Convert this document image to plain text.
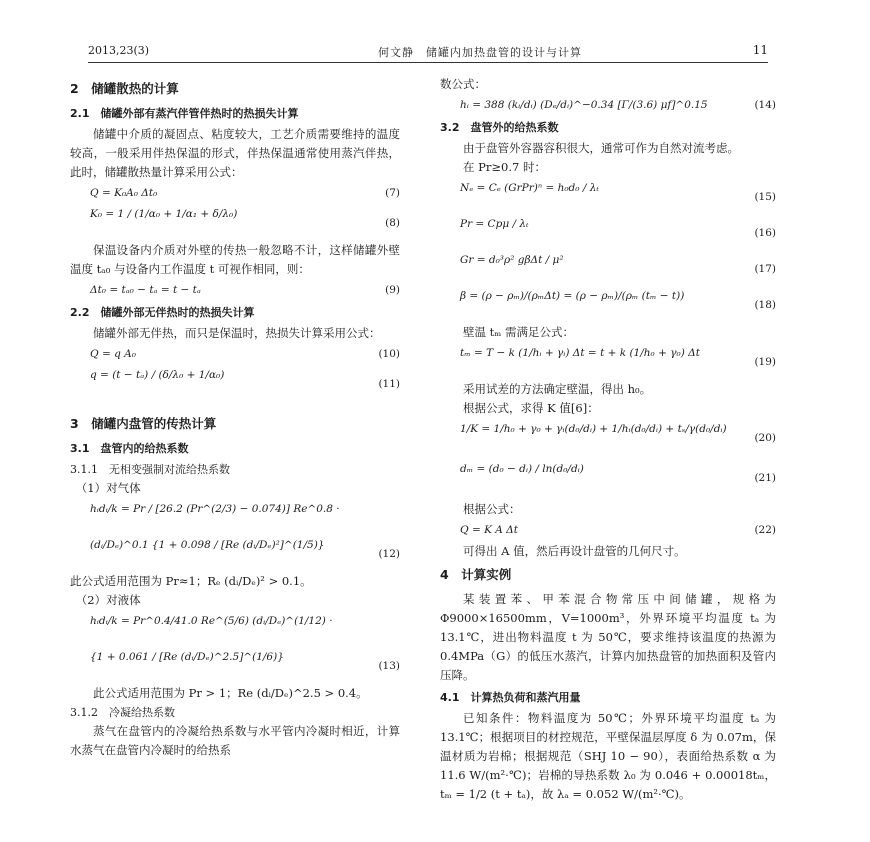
2013,23(3)	何文静　储罐内加热盘管的设计与计算	11
2　储罐散热的计算
2.1　储罐外部有蒸汽伴管伴热时的热损失计算
储罐中介质的凝固点、粘度较大，工艺介质需要维持的温度较高，一般采用伴热保温的形式，伴热保温通常使用蒸汽伴热，此时，储罐散热量计算采用公式：
Q = K₀A₀ Δt₀	(7)
K₀ = 1 / (1/α₀ + 1/α₁ + δ/λ₀)
(8)
保温设备内介质对外壁的传热一般忽略不计，这样储罐外壁温度 tₐ₀ 与设备内工作温度 t 可视作相同，则：
Δt₀ = tₐ₀ − tₐ = t − tₐ	(9)
2.2　储罐外部无伴热时的热损失计算
储罐外部无伴热，而只是保温时，热损失计算采用公式：
Q = q A₀	(10)
q = (t − tₐ) / (δ/λ₀ + 1/α₀)
(11)
3　储罐内盘管的传热计算
3.1　盘管内的给热系数
3.1.1　无相变强制对流给热系数
　（1）对气体
hᵢdᵢ/k = Pr / [26.2 (Pr^(2/3) − 0.074)] Re^0.8 ·
(dᵢ/Dₑ)^0.1 {1 + 0.098 / [Re (dᵢ/Dₑ)²]^(1/5)}
(12)
此公式适用范围为 Pr≈1；Rₑ (dᵢ/Dₑ)² > 0.1。
　（2）对液体
hᵢdᵢ/k = Pr^0.4/41.0 Re^(5/6) (dᵢ/Dₑ)^(1/12) ·
{1 + 0.061 / [Re (dᵢ/Dₑ)^2.5]^(1/6)}
(13)
此公式适用范围为 Pr > 1；Re (dᵢ/Dₑ)^2.5 > 0.4。
3.1.2　冷凝给热系数
蒸气在盘管内的冷凝给热系数与水平管内冷凝时相近，计算水蒸气在盘管内冷凝时的给热系
数公式：
hᵢ = 388 (kᵢ/dᵢ) (Dₑ/dᵢ)^−0.34 [Γ/(3.6) μf]^0.15	(14)
3.2　盘管外的给热系数
由于盘管外容器容积很大，通常可作为自然对流考虑。
在 Pr≥0.7 时：
Nₑ = Cₑ (GrPr)ⁿ = h₀d₀ / λₜ
(15)
Pr = Cpμ / λₜ
(16)
Gr = d₀³ρ² gβΔt / μ²
(17)
β = (ρ − ρₘ)/(ρₘΔt) = (ρ − ρₘ)/(ρₘ (tₘ − t))
(18)
壁温 tₘ 需满足公式：
tₘ = T − k (1/hᵢ + γᵢ) Δt = t + k (1/h₀ + γ₀) Δt
(19)
采用试差的方法确定壁温，得出 h₀。
根据公式，求得 K 值[6]：
1/K = 1/h₀ + γ₀ + γᵢ(d₀/dᵢ) + 1/hᵢ(d₀/dᵢ) + tₛ/γ(d₀/dᵢ)
(20)
dₘ = (d₀ − dᵢ) / ln(d₀/dᵢ)
(21)
根据公式：
Q = K A Δt	(22)
可得出 A 值，然后再设计盘管的几何尺寸。
4　计算实例
某装置苯、甲苯混合物常压中间储罐，规格为 Φ9000×16500mm，V=1000m³，外界环境平均温度 tₐ 为 13.1℃，进出物料温度 t 为 50℃，要求维持该温度的热源为 0.4MPa（G）的低压水蒸汽，计算内加热盘管的加热面积及管内压降。
4.1　计算热负荷和蒸汽用量
已知条件：物料温度为 50℃；外界环境平均温度 tₐ 为 13.1℃；根据项目的材控规范，平壁保温层厚度 δ 为 0.07m，保温材质为岩棉；根据规范（SHJ 10 − 90），表面给热系数 α 为 11.6 W/(m²·℃)；岩棉的导热系数 λ₀ 为 0.046 + 0.00018tₘ，tₘ = 1/2 (t + tₐ)，故 λₐ = 0.052 W/(m²·℃)。
